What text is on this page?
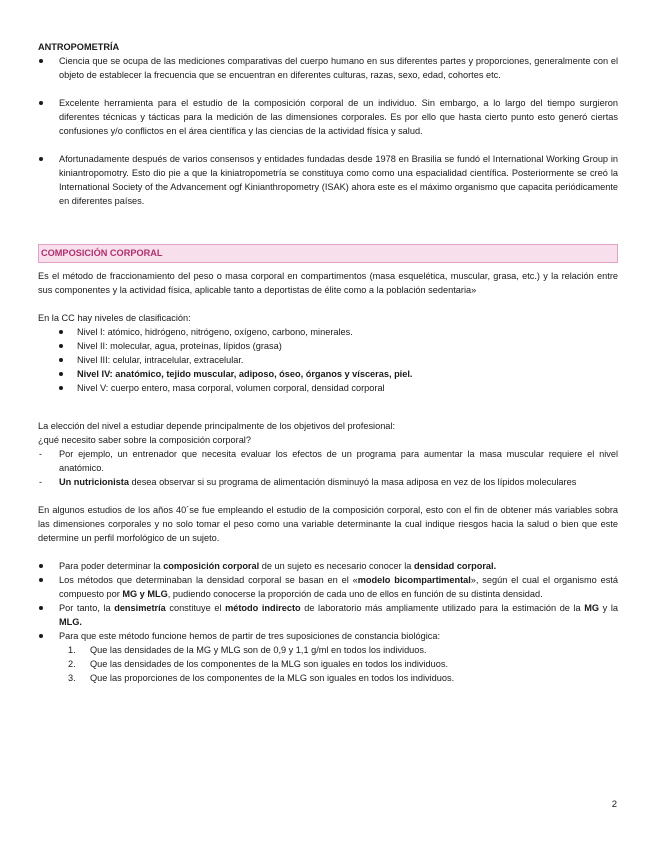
ANTROPOMETRÍA
Ciencia que se ocupa de las mediciones comparativas del cuerpo humano en sus diferentes partes y proporciones, generalmente con el objeto de establecer la frecuencia que se encuentran en diferentes culturas, razas, sexo, edad, cohortes etc.
Excelente herramienta para el estudio de la composición corporal de un individuo. Sin embargo, a lo largo del tiempo surgieron diferentes técnicas y tácticas para la medición de las dimensiones corporales. Es por ello que hasta cierto punto esto generó ciertas confusiones y/o conflictos en el área científica y las ciencias de la actividad física y salud.
Afortunadamente después de varios consensos y entidades fundadas desde 1978 en Brasilia se fundó el International Working Group in kiniantropomotry. Esto dio pie a que la kiniatropometría se constituya como como una espacialidad científica. Posteriormente se creó la International Society of the Advancement ogf Kinianthropometry (ISAK) ahora este es el máximo organismo que capacita periódicamente en diferentes países.
COMPOSICIÓN CORPORAL

Es el método de fraccionamiento del peso o masa corporal en compartimentos (masa esquelética, muscular, grasa, etc.) y la relación entre sus componentes y la actividad física, aplicable tanto a deportistas de élite como a la población sedentaria»

En la CC hay niveles de clasificación:

Nivel I: atómico, hidrógeno, nitrógeno, oxígeno, carbono, minerales.
Nivel II: molecular, agua, proteínas, lípidos (grasa)
Nivel III: celular, intracelular, extracelular.
Nivel IV: anatómico, tejido muscular, adiposo, óseo, órganos y vísceras, piel.
Nivel V: cuerpo entero, masa corporal, volumen corporal, densidad corporal

La elección del nivel a estudiar depende principalmente de los objetivos del profesional:

¿qué necesito saber sobre la composición corporal?

- Por ejemplo, un entrenador que necesita evaluar los efectos de un programa para aumentar la masa muscular requiere el nivel anatómico.
- Un nutricionista desea observar si su programa de alimentación disminuyó la masa adiposa en vez de los lípidos moleculares

En algunos estudios de los años 40´se fue empleando el estudio de la composición corporal, esto con el fin de obtener más variables sobra las dimensiones corporales y no solo tomar el peso como una variable determinante la cual indique riesgos hacia la salud o bien que este determine un perfil morfológico de un sujeto.

Para poder determinar la composición corporal de un sujeto es necesario conocer la densidad corporal.
Los métodos que determinaban la densidad corporal se basan en el «modelo bicompartimental», según el cual el organismo está compuesto por MG y MLG, pudiendo conocerse la proporción de cada uno de ellos en función de su distinta densidad.
Por tanto, la densimetría constituye el método indirecto de laboratorio más ampliamente utilizado para la estimación de la MG y la MLG.
Para que este método funcione hemos de partir de tres suposiciones de constancia biológica:
1. Que las densidades de la MG y MLG son de 0,9 y 1,1 g/ml en todos los individuos.
2. Que las densidades de los componentes de la MLG son iguales en todos los individuos.
3. Que las proporciones de los componentes de la MLG son iguales en todos los individuos.
2
